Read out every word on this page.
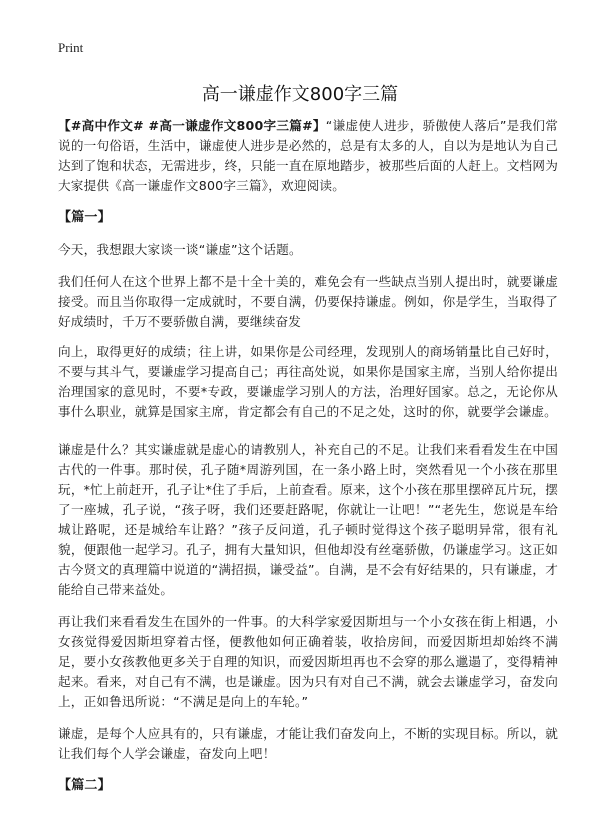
Print
高一谦虚作文800字三篇

【#高中作文# #高一谦虚作文800字三篇#】“谦虚使人进步，骄傲使人落后”是我们常说的一句俗语，生活中，谦虚使人进步是必然的，总是有太多的人，自以为是地认为自己达到了饱和状态，无需进步，终，只能一直在原地踏步，被那些后面的人赶上。文档网为大家提供《高一谦虚作文800字三篇》，欢迎阅读。

【篇一】

今天，我想跟大家谈一谈“谦虚”这个话题。

我们任何人在这个世界上都不是十全十美的，难免会有一些缺点当别人提出时，就要谦虚接受。而且当你取得一定成就时，不要自满，仍要保持谦虚。例如，你是学生，当取得了好成绩时，千万不要骄傲自满，要继续奋发

向上，取得更好的成绩；往上讲，如果你是公司经理，发现别人的商场销量比自己好时，不要与其斗气，要谦虚学习提高自己；再往高处说，如果你是国家主席，当别人给你提出治理国家的意见时，不要*专政，要谦虚学习别人的方法，治理好国家。总之，无论你从事什么职业，就算是国家主席，肯定都会有自己的不足之处，这时的你，就要学会谦虚。

谦虚是什么？其实谦虚就是虚心的请教别人，补充自己的不足。让我们来看看发生在中国古代的一件事。那时侯，孔子随*周游列国，在一条小路上时，突然看见一个小孩在那里玩，*忙上前赶开，孔子让*住了手后，上前查看。原来，这个小孩在那里摆碎瓦片玩，摆了一座城，孔子说，“孩子呀，我们还要赶路呢，你就让一让吧！”“老先生，您说是车给城让路呢，还是城给车让路？”孩子反问道，孔子顿时觉得这个孩子聪明异常，很有礼貌，便跟他一起学习。孔子，拥有大量知识，但他却没有丝毫骄傲，仍谦虚学习。这正如古今贤文的真理篇中说道的“满招损，谦受益”。自满，是不会有好结果的，只有谦虚，才能给自己带来益处。

再让我们来看看发生在国外的一件事。的大科学家爱因斯坦与一个小女孩在街上相遇，小女孩觉得爱因斯坦穿着古怪，便教他如何正确着装，收拾房间，而爱因斯坦却始终不满足，要小女孩教他更多关于自理的知识，而爱因斯坦再也不会穿的那么邋遢了，变得精神起来。看来，对自己有不满，也是谦虚。因为只有对自己不满，就会去谦虚学习，奋发向上，正如鲁迅所说：“不满足是向上的车轮。”

谦虚，是每个人应具有的，只有谦虚，才能让我们奋发向上，不断的实现目标。所以，就让我们每个人学会谦虚，奋发向上吧！

【篇二】
